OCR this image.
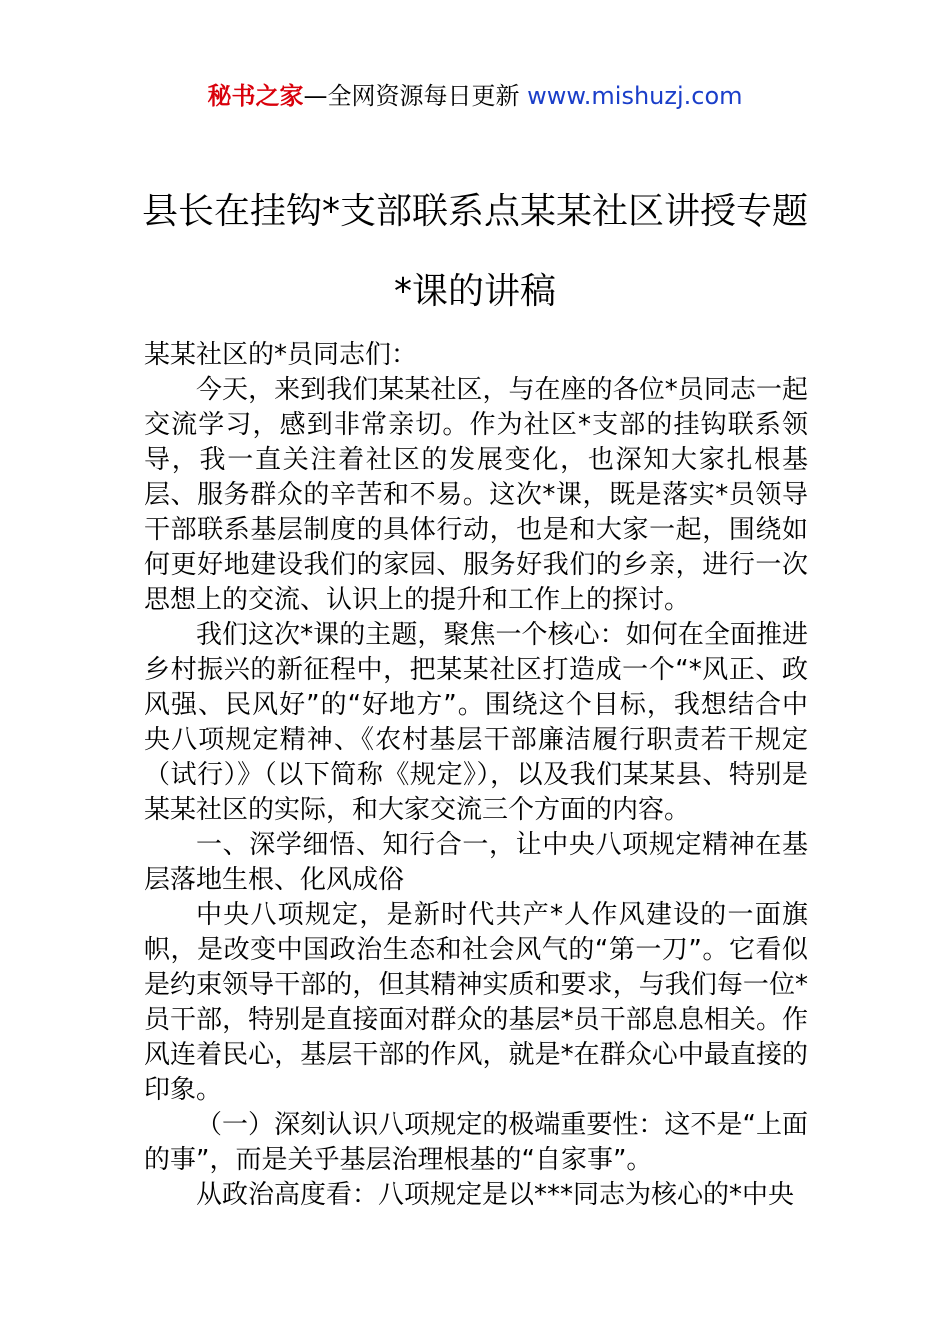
秘书之家—全网资源每日更新 www.mishuzj.com
县长在挂钩*支部联系点某某社区讲授专题
*课的讲稿

某某社区的*员同志们：

今天，来到我们某某社区，与在座的各位*员同志一起交流学习，感到非常亲切。作为社区*支部的挂钩联系领导，我一直关注着社区的发展变化，也深知大家扎根基层、服务群众的辛苦和不易。这次*课，既是落实*员领导干部联系基层制度的具体行动，也是和大家一起，围绕如何更好地建设我们的家园、服务好我们的乡亲，进行一次思想上的交流、认识上的提升和工作上的探讨。

我们这次*课的主题，聚焦一个核心：如何在全面推进乡村振兴的新征程中，把某某社区打造成一个“*风正、政风强、民风好”的“好地方”。围绕这个目标，我想结合中央八项规定精神、《农村基层干部廉洁履行职责若干规定（试行）》（以下简称《规定》），以及我们某某县、特别是某某社区的实际，和大家交流三个方面的内容。

一、深学细悟、知行合一，让中央八项规定精神在基层落地生根、化风成俗

中央八项规定，是新时代共产*人作风建设的一面旗帜，是改变中国政治生态和社会风气的“第一刀”。它看似是约束领导干部的，但其精神实质和要求，与我们每一位*员干部，特别是直接面对群众的基层*员干部息息相关。作风连着民心，基层干部的作风，就是*在群众心中最直接的印象。

（一）深刻认识八项规定的极端重要性：这不是“上面的事”，而是关乎基层治理根基的“自家事”。

从政治高度看：八项规定是以***同志为核心的*中央
